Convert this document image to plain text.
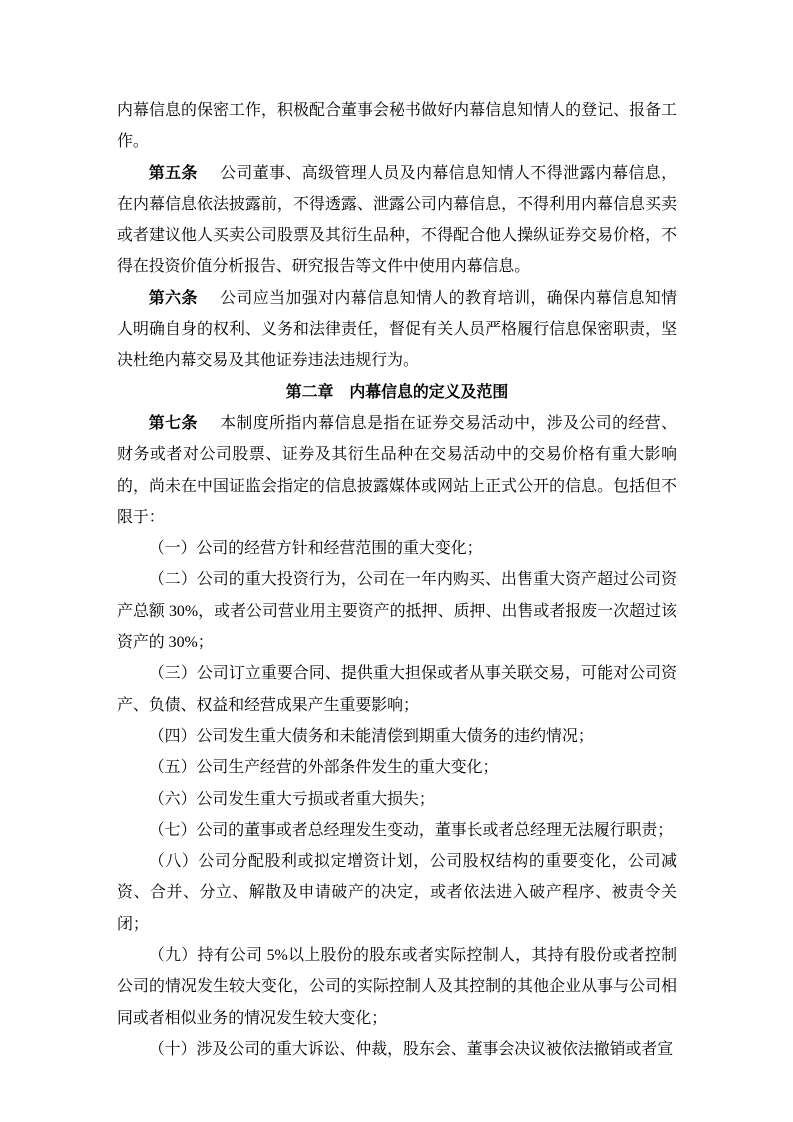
内幕信息的保密工作，积极配合董事会秘书做好内幕信息知情人的登记、报备工作。

第五条 公司董事、高级管理人员及内幕信息知情人不得泄露内幕信息，在内幕信息依法披露前，不得透露、泄露公司内幕信息，不得利用内幕信息买卖或者建议他人买卖公司股票及其衍生品种，不得配合他人操纵证券交易价格，不得在投资价值分析报告、研究报告等文件中使用内幕信息。

第六条 公司应当加强对内幕信息知情人的教育培训，确保内幕信息知情人明确自身的权利、义务和法律责任，督促有关人员严格履行信息保密职责，坚决杜绝内幕交易及其他证券违法违规行为。

第二章　内幕信息的定义及范围

第七条 本制度所指内幕信息是指在证券交易活动中，涉及公司的经营、财务或者对公司股票、证券及其衍生品种在交易活动中的交易价格有重大影响的，尚未在中国证监会指定的信息披露媒体或网站上正式公开的信息。包括但不限于：

（一）公司的经营方针和经营范围的重大变化；

（二）公司的重大投资行为，公司在一年内购买、出售重大资产超过公司资产总额 30%，或者公司营业用主要资产的抵押、质押、出售或者报废一次超过该资产的 30%；

（三）公司订立重要合同、提供重大担保或者从事关联交易，可能对公司资产、负债、权益和经营成果产生重要影响；

（四）公司发生重大债务和未能清偿到期重大债务的违约情况；

（五）公司生产经营的外部条件发生的重大变化；

（六）公司发生重大亏损或者重大损失；

（七）公司的董事或者总经理发生变动，董事长或者总经理无法履行职责；

（八）公司分配股利或拟定增资计划，公司股权结构的重要变化，公司减资、合并、分立、解散及申请破产的决定，或者依法进入破产程序、被责令关闭；

（九）持有公司 5%以上股份的股东或者实际控制人，其持有股份或者控制公司的情况发生较大变化，公司的实际控制人及其控制的其他企业从事与公司相同或者相似业务的情况发生较大变化；

（十）涉及公司的重大诉讼、仲裁，股东会、董事会决议被依法撤销或者宣
